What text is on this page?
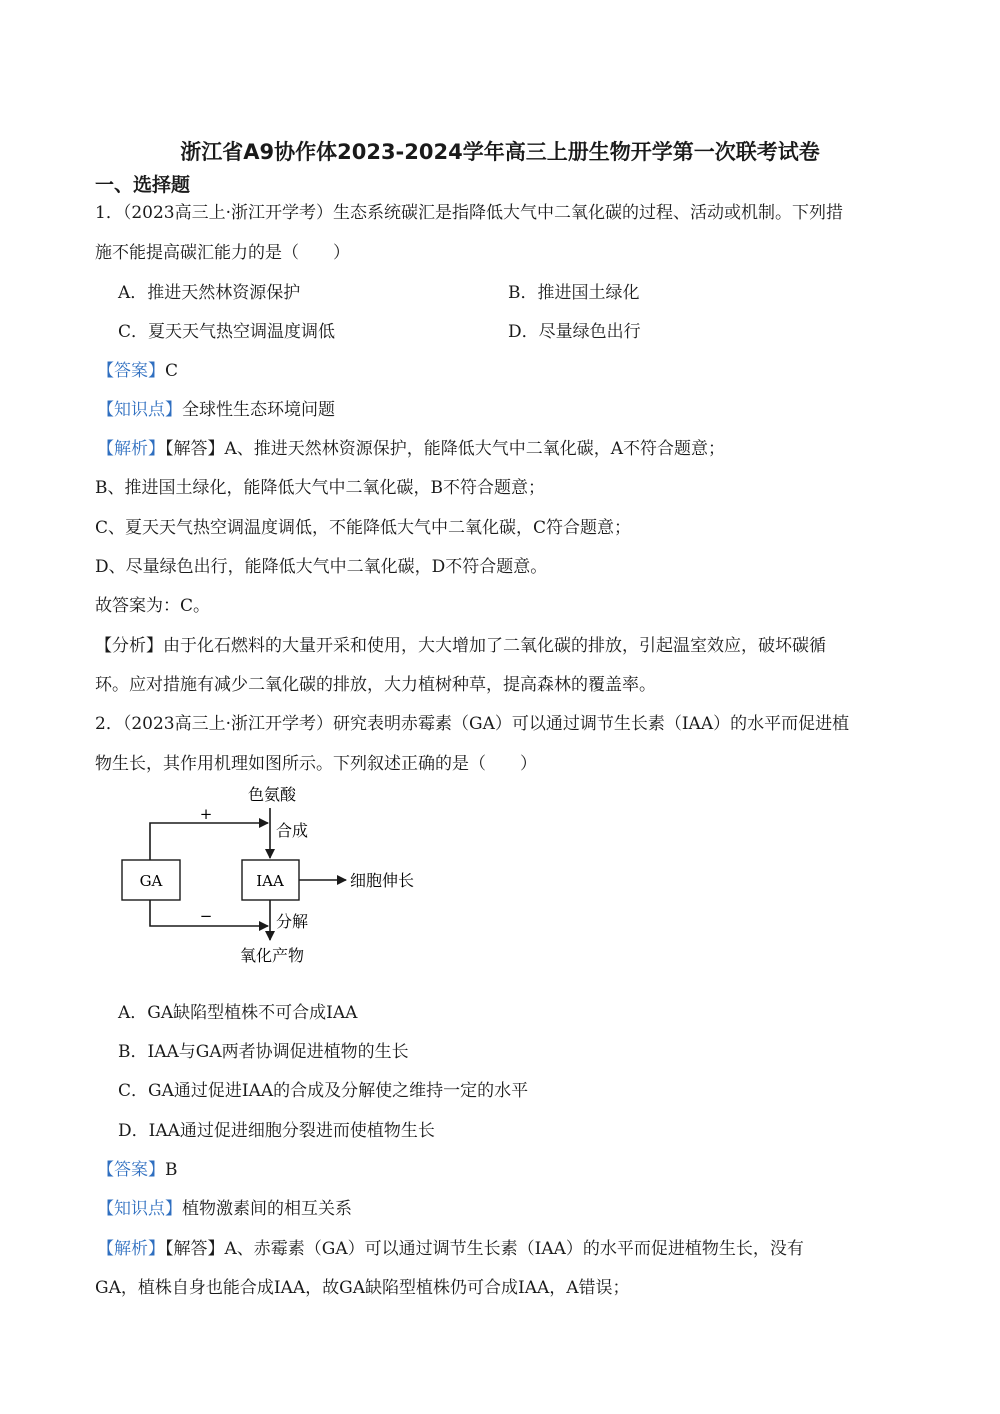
浙江省A9协作体2023-2024学年高三上册生物开学第一次联考试卷
一、选择题
1．（2023高三上·浙江开学考）生态系统碳汇是指降低大气中二氧化碳的过程、活动或机制。下列措
施不能提高碳汇能力的是（　　）
A．推进天然林资源保护	B．推进国土绿化
C．夏天天气热空调温度调低	D．尽量绿色出行
【答案】C
【知识点】全球性生态环境问题
【解析】【解答】A、推进天然林资源保护，能降低大气中二氧化碳，A不符合题意；
B、推进国土绿化，能降低大气中二氧化碳，B不符合题意；
C、夏天天气热空调温度调低，不能降低大气中二氧化碳，C符合题意；
D、尽量绿色出行，能降低大气中二氧化碳，D不符合题意。
故答案为：C。
【分析】由于化石燃料的大量开采和使用，大大增加了二氧化碳的排放，引起温室效应，破坏碳循
环。应对措施有减少二氧化碳的排放，大力植树种草，提高森林的覆盖率。
2．（2023高三上·浙江开学考）研究表明赤霉素（GA）可以通过调节生长素（IAA）的水平而促进植
物生长，其作用机理如图所示。下列叙述正确的是（　　）
色氨酸
合成
+
GA	IAA	细胞伸长
−	分解
氧化产物
A．GA缺陷型植株不可合成IAA
B．IAA与GA两者协调促进植物的生长
C．GA通过促进IAA的合成及分解使之维持一定的水平
D．IAA通过促进细胞分裂进而使植物生长
【答案】B
【知识点】植物激素间的相互关系
【解析】【解答】A、赤霉素（GA）可以通过调节生长素（IAA）的水平而促进植物生长，没有
GA，植株自身也能合成IAA，故GA缺陷型植株仍可合成IAA，A错误；
